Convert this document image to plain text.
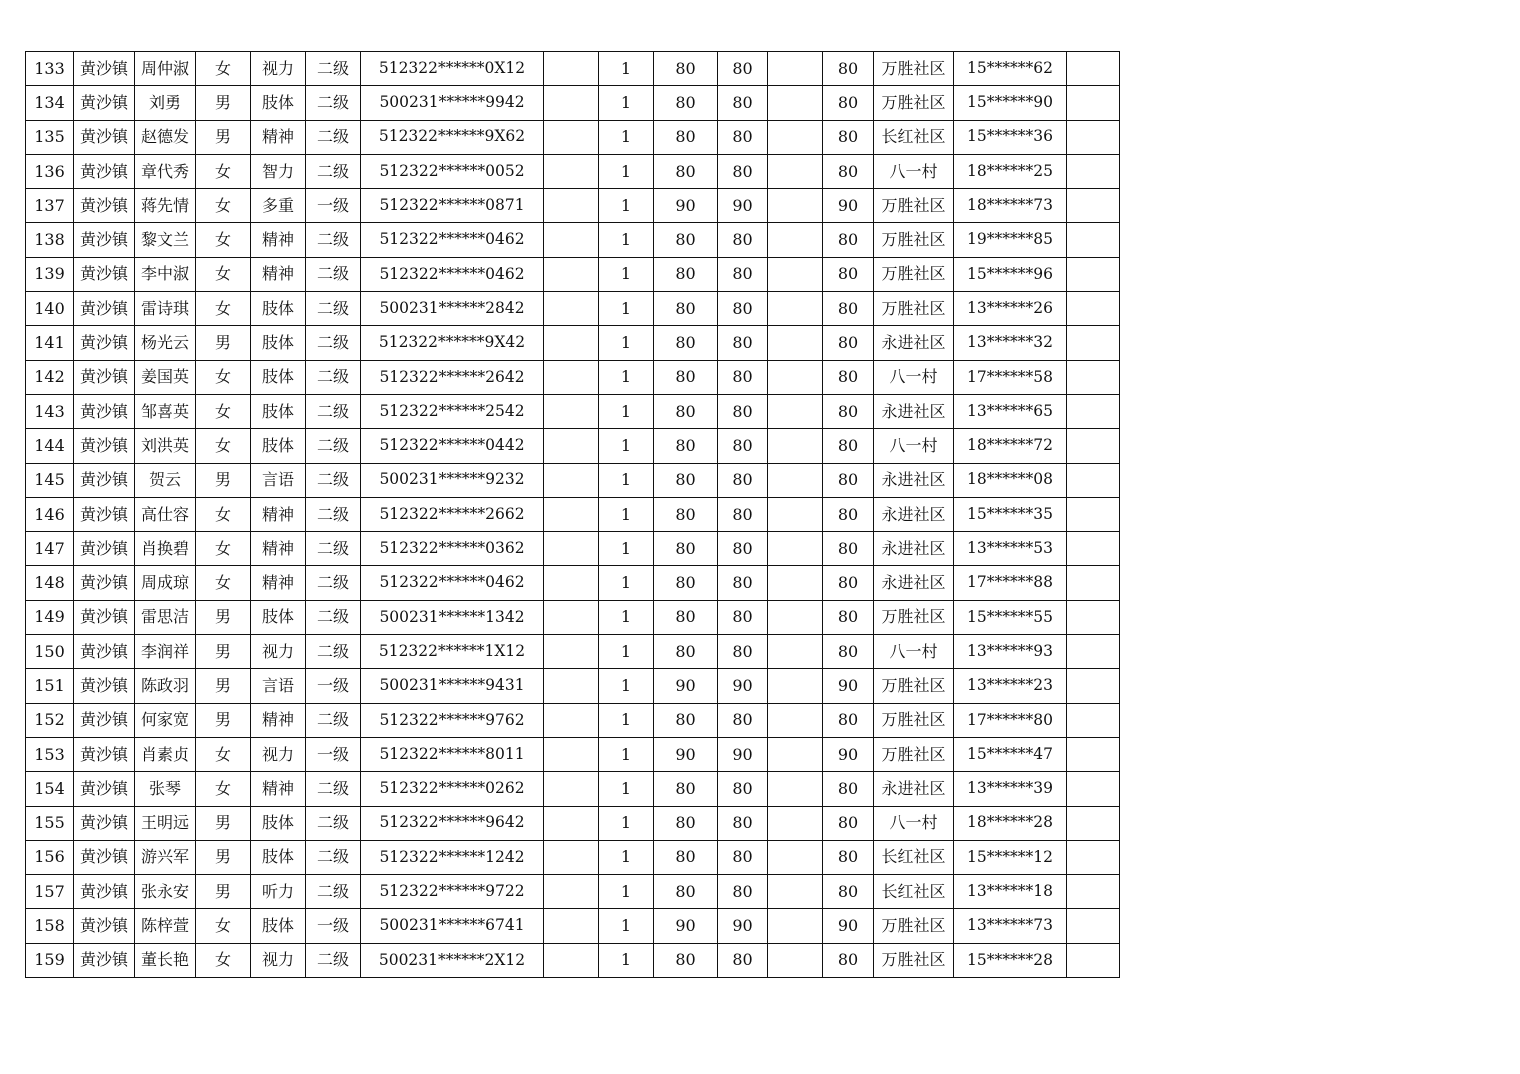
133	黄沙镇	周仲淑	女	视力	二级	512322******0X12		1	80	80		80	万胜社区	15******62	
134	黄沙镇	刘勇	男	肢体	二级	500231******9942		1	80	80		80	万胜社区	15******90	
135	黄沙镇	赵德发	男	精神	二级	512322******9X62		1	80	80		80	长红社区	15******36	
136	黄沙镇	章代秀	女	智力	二级	512322******0052		1	80	80		80	八一村	18******25	
137	黄沙镇	蒋先情	女	多重	一级	512322******0871		1	90	90		90	万胜社区	18******73	
138	黄沙镇	黎文兰	女	精神	二级	512322******0462		1	80	80		80	万胜社区	19******85	
139	黄沙镇	李中淑	女	精神	二级	512322******0462		1	80	80		80	万胜社区	15******96	
140	黄沙镇	雷诗琪	女	肢体	二级	500231******2842		1	80	80		80	万胜社区	13******26	
141	黄沙镇	杨光云	男	肢体	二级	512322******9X42		1	80	80		80	永进社区	13******32	
142	黄沙镇	姜国英	女	肢体	二级	512322******2642		1	80	80		80	八一村	17******58	
143	黄沙镇	邹喜英	女	肢体	二级	512322******2542		1	80	80		80	永进社区	13******65	
144	黄沙镇	刘洪英	女	肢体	二级	512322******0442		1	80	80		80	八一村	18******72	
145	黄沙镇	贺云	男	言语	二级	500231******9232		1	80	80		80	永进社区	18******08	
146	黄沙镇	高仕容	女	精神	二级	512322******2662		1	80	80		80	永进社区	15******35	
147	黄沙镇	肖换碧	女	精神	二级	512322******0362		1	80	80		80	永进社区	13******53	
148	黄沙镇	周成琼	女	精神	二级	512322******0462		1	80	80		80	永进社区	17******88	
149	黄沙镇	雷思洁	男	肢体	二级	500231******1342		1	80	80		80	万胜社区	15******55	
150	黄沙镇	李润祥	男	视力	二级	512322******1X12		1	80	80		80	八一村	13******93	
151	黄沙镇	陈政羽	男	言语	一级	500231******9431		1	90	90		90	万胜社区	13******23	
152	黄沙镇	何家宽	男	精神	二级	512322******9762		1	80	80		80	万胜社区	17******80	
153	黄沙镇	肖素贞	女	视力	一级	512322******8011		1	90	90		90	万胜社区	15******47	
154	黄沙镇	张琴	女	精神	二级	512322******0262		1	80	80		80	永进社区	13******39	
155	黄沙镇	王明远	男	肢体	二级	512322******9642		1	80	80		80	八一村	18******28	
156	黄沙镇	游兴军	男	肢体	二级	512322******1242		1	80	80		80	长红社区	15******12	
157	黄沙镇	张永安	男	听力	二级	512322******9722		1	80	80		80	长红社区	13******18	
158	黄沙镇	陈梓萱	女	肢体	一级	500231******6741		1	90	90		90	万胜社区	13******73	
159	黄沙镇	董长艳	女	视力	二级	500231******2X12		1	80	80		80	万胜社区	15******28	
